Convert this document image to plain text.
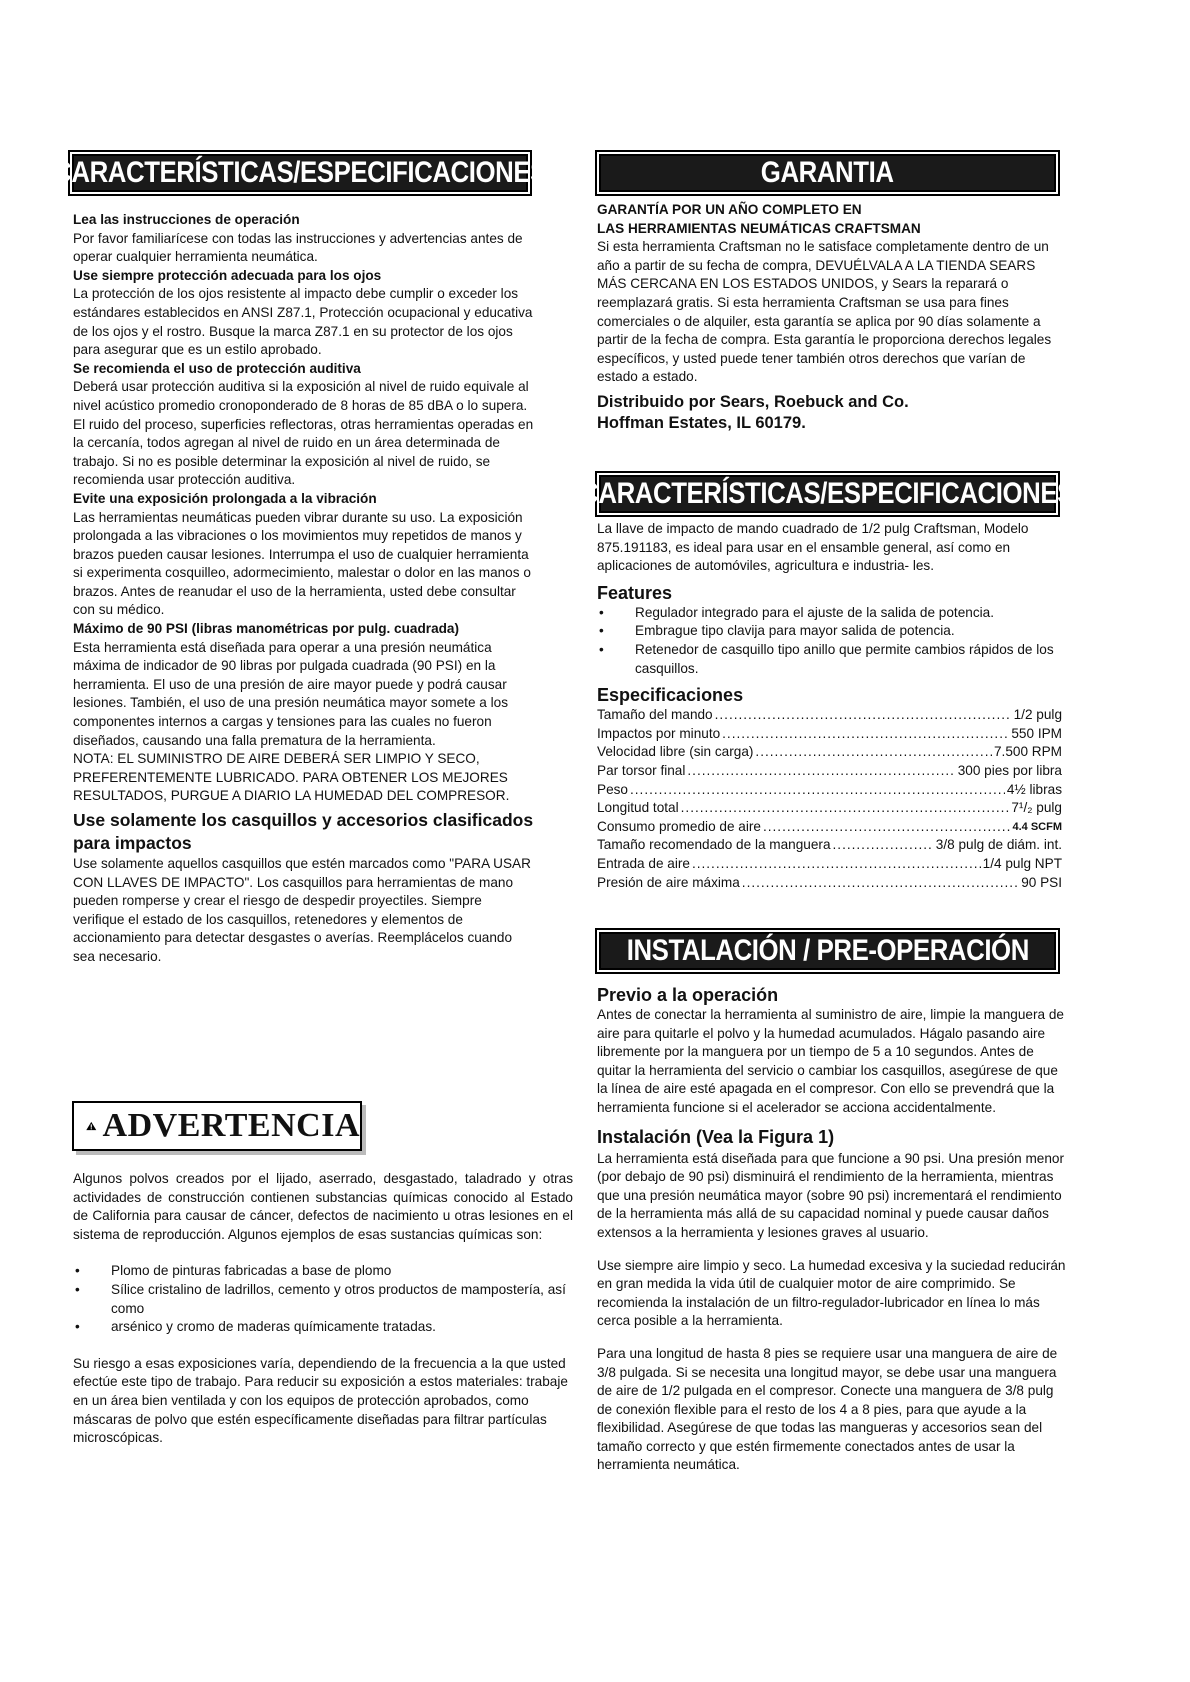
CARACTERÍSTICAS/ESPECIFICACIONES

Lea las instrucciones de operación

Por favor familiarícese con todas las instrucciones y advertencias antes de operar cualquier herramienta neumática.

Use siempre protección adecuada para los ojos

La protección de los ojos resistente al impacto debe cumplir o exceder los estándares establecidos en ANSI Z87.1, Protección ocupacional y educativa de los ojos y el rostro. Busque la marca Z87.1 en su protector de los ojos para asegurar que es un estilo aprobado.

Se recomienda el uso de protección auditiva

Deberá usar protección auditiva si la exposición al nivel de ruido equivale al nivel acústico promedio cronoponderado de 8 horas de 85 dBA o lo supera. El ruido del proceso, superficies reflectoras, otras herramientas operadas en la cercanía, todos agregan al nivel de ruido en un área determinada de trabajo. Si no es posible determinar la exposición al nivel de ruido, se recomienda usar protección auditiva.

Evite una exposición prolongada a la vibración

Las herramientas neumáticas pueden vibrar durante su uso. La exposición prolongada a las vibraciones o los movimientos muy repetidos de manos y brazos pueden causar lesiones. Interrumpa el uso de cualquier herramienta si experimenta cosquilleo, adormecimiento, malestar o dolor en las manos o brazos. Antes de reanudar el uso de la herramienta, usted debe consultar con su médico.

Máximo de 90 PSI (libras manométricas por pulg. cuadrada)

Esta herramienta está diseñada para operar a una presión neumática máxima de indicador de 90 libras por pulgada cuadrada (90 PSI) en la herramienta. El uso de una presión de aire mayor puede y podrá causar lesiones. También, el uso de una presión neumática mayor somete a los componentes internos a cargas y tensiones para las cuales no fueron diseñados, causando una falla prematura de la herramienta.

NOTA: EL SUMINISTRO DE AIRE DEBERÁ SER LIMPIO Y SECO, PREFERENTEMENTE LUBRICADO. PARA OBTENER LOS MEJORES RESULTADOS, PURGUE A DIARIO LA HUMEDAD DEL COMPRESOR.

Use solamente los casquillos y accesorios clasificados para impactos

Use solamente aquellos casquillos que estén marcados como "PARA USAR CON LLAVES DE IMPACTO". Los casquillos para herramientas de mano pueden romperse y crear el riesgo de despedir proyectiles. Siempre verifique el estado de los casquillos, retenedores y elementos de accionamiento para detectar desgastes o averías. Reemplácelos cuando sea necesario.

ADVERTENCIA

Algunos polvos creados por el lijado, aserrado, desgastado, taladrado y otras actividades de construcción contienen substancias químicas conocido al Estado de California para causar de cáncer, defectos de nacimiento u otras lesiones en el sistema de reproducción. Algunos ejemplos de esas sustancias químicas son:

• Plomo de pinturas fabricadas a base de plomo
• Sílice cristalino de ladrillos, cemento y otros productos de mampostería, así como
• arsénico y cromo de maderas químicamente tratadas.

Su riesgo a esas exposiciones varía, dependiendo de la frecuencia a la que usted efectúe este tipo de trabajo. Para reducir su exposición a estos materiales: trabaje en un área bien ventilada y con los equipos de protección aprobados, como máscaras de polvo que estén específicamente diseñadas para filtrar partículas microscópicas.

GARANTIA

GARANTÍA POR UN AÑO COMPLETO EN

LAS HERRAMIENTAS NEUMÁTICAS CRAFTSMAN

Si esta herramienta Craftsman no le satisface completamente dentro de un año a partir de su fecha de compra, DEVUÉLVALA A LA TIENDA SEARS MÁS CERCANA EN LOS ESTADOS UNIDOS, y Sears la reparará o reemplazará gratis. Si esta herramienta Craftsman se usa para fines comerciales o de alquiler, esta garantía se aplica por 90 días solamente a partir de la fecha de compra. Esta garantía le proporciona derechos legales específicos, y usted puede tener también otros derechos que varían de estado a estado.

Distribuido por Sears, Roebuck and Co.

Hoffman Estates, IL 60179.

CARACTERÍSTICAS/ESPECIFICACIONES

La llave de impacto de mando cuadrado de 1/2 pulg Craftsman, Modelo 875.191183, es ideal para usar en el ensamble general, así como en aplicaciones de automóviles, agricultura e industria- les.

Features

• Regulador integrado para el ajuste de la salida de potencia.
• Embrague tipo clavija para mayor salida de potencia.
• Retenedor de casquillo tipo anillo que permite cambios rápidos de los casquillos.

Especificaciones

Tamaño del mando .....	1/2 pulg
Impactos por minuto .....	550 IPM
Velocidad libre (sin carga) .....	7.500 RPM
Par torsor final .....	300 pies por libra
Peso .....	4½ libras
Longitud total .....	7¹/₂ pulg
Consumo promedio de aire .....	4.4 SCFM
Tamaño recomendado de la manguera .....	3/8 pulg de diám. int.
Entrada de aire .....	1/4 pulg NPT
Presión de aire máxima .....	90 PSI
INSTALACIÓN / PRE-OPERACIÓN

Previo a la operación

Antes de conectar la herramienta al suministro de aire, limpie la manguera de aire para quitarle el polvo y la humedad acumulados. Hágalo pasando aire libremente por la manguera por un tiempo de 5 a 10 segundos. Antes de quitar la herramienta del servicio o cambiar los casquillos, asegúrese de que la línea de aire esté apagada en el compresor. Con ello se prevendrá que la herramienta funcione si el acelerador se acciona accidentalmente.

Instalación (Vea la Figura 1)

La herramienta está diseñada para que funcione a 90 psi. Una presión menor (por debajo de 90 psi) disminuirá el rendimiento de la herramienta, mientras que una presión neumática mayor (sobre 90 psi) incrementará el rendimiento de la herramienta más allá de su capacidad nominal y puede causar daños extensos a la herramienta y lesiones graves al usuario.

Use siempre aire limpio y seco. La humedad excesiva y la suciedad reducirán en gran medida la vida útil de cualquier motor de aire comprimido. Se recomienda la instalación de un filtro-regulador-lubricador en línea lo más cerca posible a la herramienta.

Para una longitud de hasta 8 pies se requiere usar una manguera de aire de 3/8 pulgada. Si se necesita una longitud mayor, se debe usar una manguera de aire de 1/2 pulgada en el compresor. Conecte una manguera de 3/8 pulg de conexión flexible para el resto de los 4 a 8 pies, para que ayude a la flexibilidad. Asegúrese de que todas las mangueras y accesorios sean del tamaño correcto y que estén firmemente conectados antes de usar la herramienta neumática.
